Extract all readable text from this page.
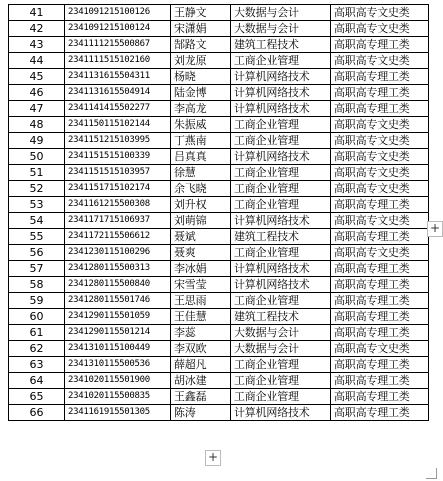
41	2341091215100126	王静文	大数据与会计	高职高专文史类
42	2341091215100124	宋潇娟	大数据与会计	高职高专文史类
43	2341111215500867	郜路文	建筑工程技术	高职高专理工类
44	2341111515102160	刘龙原	工商企业管理	高职高专文史类
45	2341131615504311	杨晓	计算机网络技术	高职高专理工类
46	2341131615504914	陆金博	计算机网络技术	高职高专理工类
47	2341141415502277	李高龙	计算机网络技术	高职高专理工类
48	2341150115102144	朱振威	工商企业管理	高职高专文史类
49	2341151215103995	丁燕南	工商企业管理	高职高专文史类
50	2341151515100339	吕真真	计算机网络技术	高职高专文史类
51	2341151515103957	徐慧	工商企业管理	高职高专文史类
52	2341151715102174	余飞晓	工商企业管理	高职高专文史类
53	2341161215500308	刘升权	工商企业管理	高职高专理工类
54	2341171715106937	刘萌锦	计算机网络技术	高职高专文史类
55	2341172115506612	聂斌	建筑工程技术	高职高专理工类
56	2341230115100296	聂爽	工商企业管理	高职高专文史类
57	2341280115500313	李冰娟	计算机网络技术	高职高专理工类
58	2341280115500840	宋雪莹	计算机网络技术	高职高专理工类
59	2341280115501746	王思雨	工商企业管理	高职高专理工类
60	2341290115501059	王佳慧	建筑工程技术	高职高专理工类
61	2341290115501214	李蕊	大数据与会计	高职高专理工类
62	2341310115100449	李双欧	大数据与会计	高职高专文史类
63	2341310115500536	薛超凡	工商企业管理	高职高专理工类
64	2341020115501900	胡冰建	工商企业管理	高职高专理工类
65	2341020115500835	王鑫磊	工商企业管理	高职高专理工类
66	2341161915501305	陈涛	计算机网络技术	高职高专理工类
+
+
